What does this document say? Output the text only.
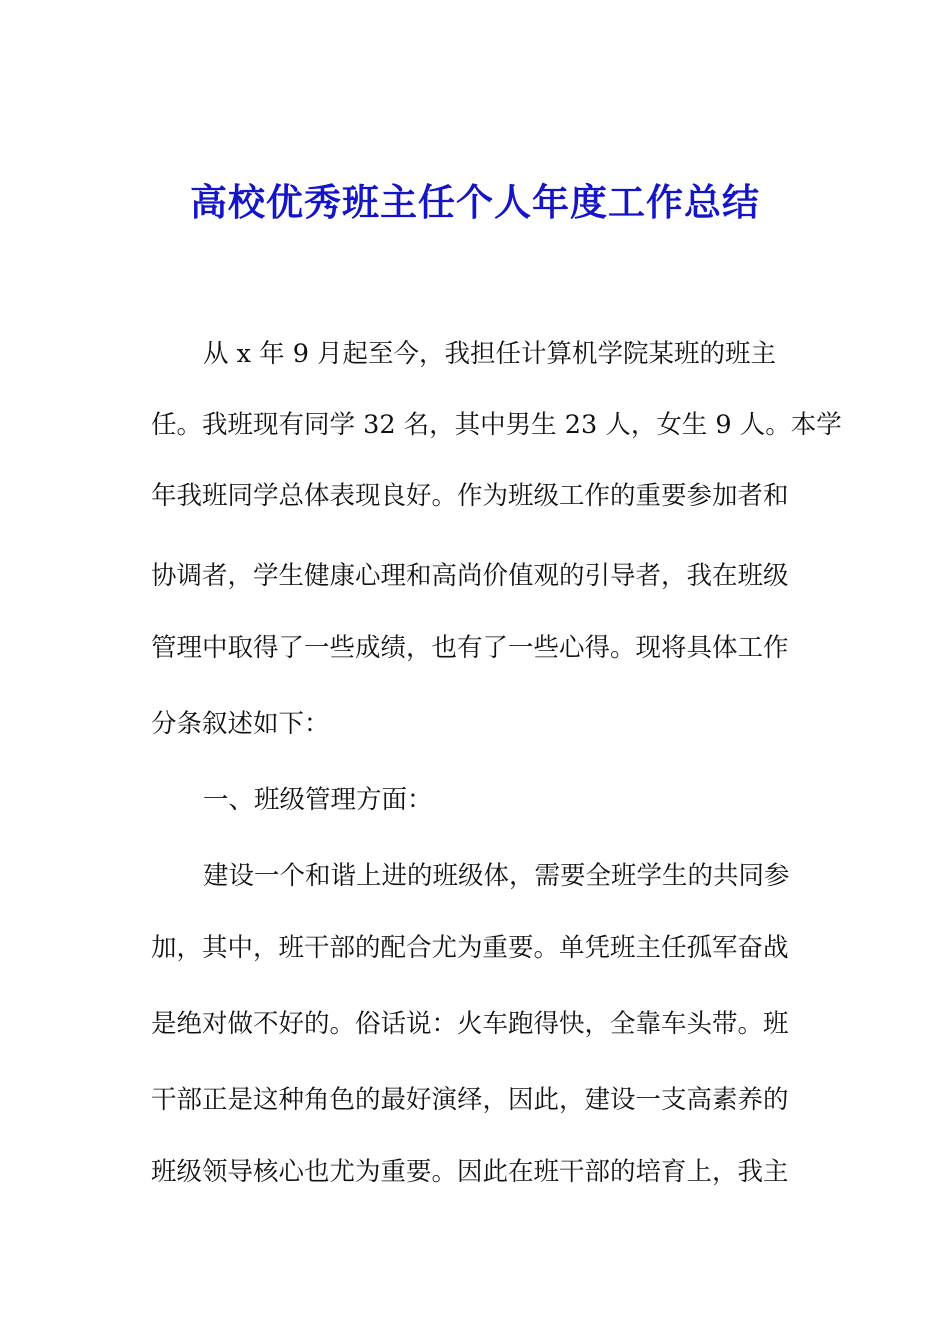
高校优秀班主任个人年度工作总结

从 x 年 9 月起至今，我担任计算机学院某班的班主

任。我班现有同学 32 名，其中男生 23 人，女生 9 人。本学

年我班同学总体表现良好。作为班级工作的重要参加者和

协调者，学生健康心理和高尚价值观的引导者，我在班级

管理中取得了一些成绩，也有了一些心得。现将具体工作

分条叙述如下：

一、班级管理方面：

建设一个和谐上进的班级体，需要全班学生的共同参

加，其中，班干部的配合尤为重要。单凭班主任孤军奋战

是绝对做不好的。俗话说：火车跑得快，全靠车头带。班

干部正是这种角色的最好演绎，因此，建设一支高素养的

班级领导核心也尤为重要。因此在班干部的培育上，我主
